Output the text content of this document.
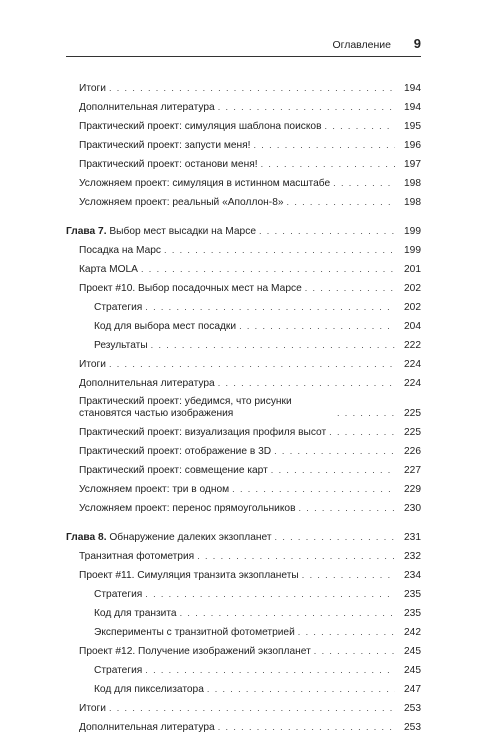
Оглавление 9
Итоги . . .	194
Дополнительная литература . . .	194
Практический проект: симуляция шаблона поисков . . .	195
Практический проект: запусти меня! . . .	196
Практический проект: останови меня! . . .	197
Усложняем проект: симуляция в истинном масштабе . . .	198
Усложняем проект: реальный «Аполлон-8» . . .	198
Глава 7. Выбор мест высадки на Марсе . . .	199
Посадка на Марс . . .	199
Карта MOLA . . .	201
Проект #10. Выбор посадочных мест на Марсе . . .	202
Стратегия . . .	202
Код для выбора мест посадки . . .	204
Результаты . . .	222
Итоги . . .	224
Дополнительная литература . . .	224
Практический проект: убедимся, что рисунки становятся частью изображения . . .	225
Практический проект: визуализация профиля высот . . .	225
Практический проект: отображение в 3D . . .	226
Практический проект: совмещение карт . . .	227
Усложняем проект: три в одном . . .	229
Усложняем проект: перенос прямоугольников . . .	230
Глава 8. Обнаружение далеких экзопланет . . .	231
Транзитная фотометрия . . .	232
Проект #11. Симуляция транзита экзопланеты . . .	234
Стратегия . . .	235
Код для транзита . . .	235
Эксперименты с транзитной фотометрией . . .	242
Проект #12. Получение изображений экзопланет . . .	245
Стратегия . . .	245
Код для пикселизатора . . .	247
Итоги . . .	253
Дополнительная литература . . .	253
